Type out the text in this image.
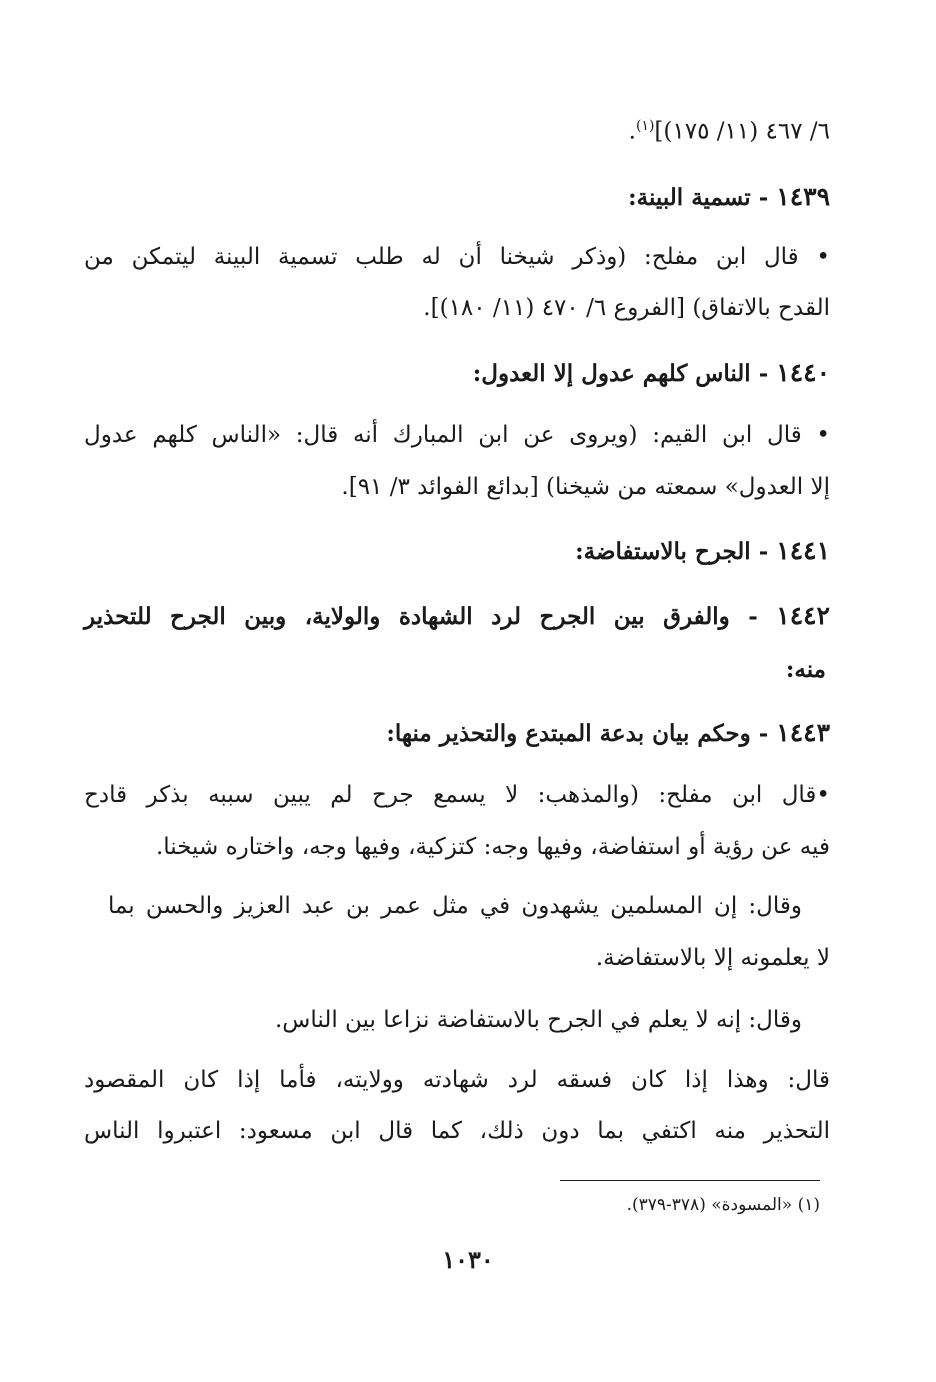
٦/ ٤٦٧ (١١/ ١٧٥)]$^{(١)}$.
١٤٣٩ - تسمية البينة:
• قال ابن مفلح: (وذكر شيخنا أن له طلب تسمية البينة ليتمكن من
القدح بالاتفاق) [الفروع ٦/ ٤٧٠ (١١/ ١٨٠)].
١٤٤٠ - الناس كلهم عدول إلا العدول:
• قال ابن القيم: (ويروى عن ابن المبارك أنه قال: «الناس كلهم عدول
إلا العدول» سمعته من شيخنا) [بدائع الفوائد ٣/ ٩١].
١٤٤١ - الجرح بالاستفاضة:
١٤٤٢ - والفرق بين الجرح لرد الشهادة والولاية، وبين الجرح للتحذير
منه:
١٤٤٣ - وحكم بيان بدعة المبتدع والتحذير منها:
•قال ابن مفلح: (والمذهب: لا يسمع جرح لم يبين سببه بذكر قادح
فيه عن رؤية أو استفاضة، وفيها وجه: كتزكية، وفيها وجه، واختاره شيخنا.
وقال: إن المسلمين يشهدون في مثل عمر بن عبد العزيز والحسن بما
لا يعلمونه إلا بالاستفاضة.
وقال: إنه لا يعلم في الجرح بالاستفاضة نزاعا بين الناس.
قال: وهذا إذا كان فسقه لرد شهادته وولايته، فأما إذا كان المقصود
التحذير منه اكتفي بما دون ذلك، كما قال ابن مسعود: اعتبروا الناس
(١) «المسودة» (٣٧٨-٣٧٩).
١٠٣٠
